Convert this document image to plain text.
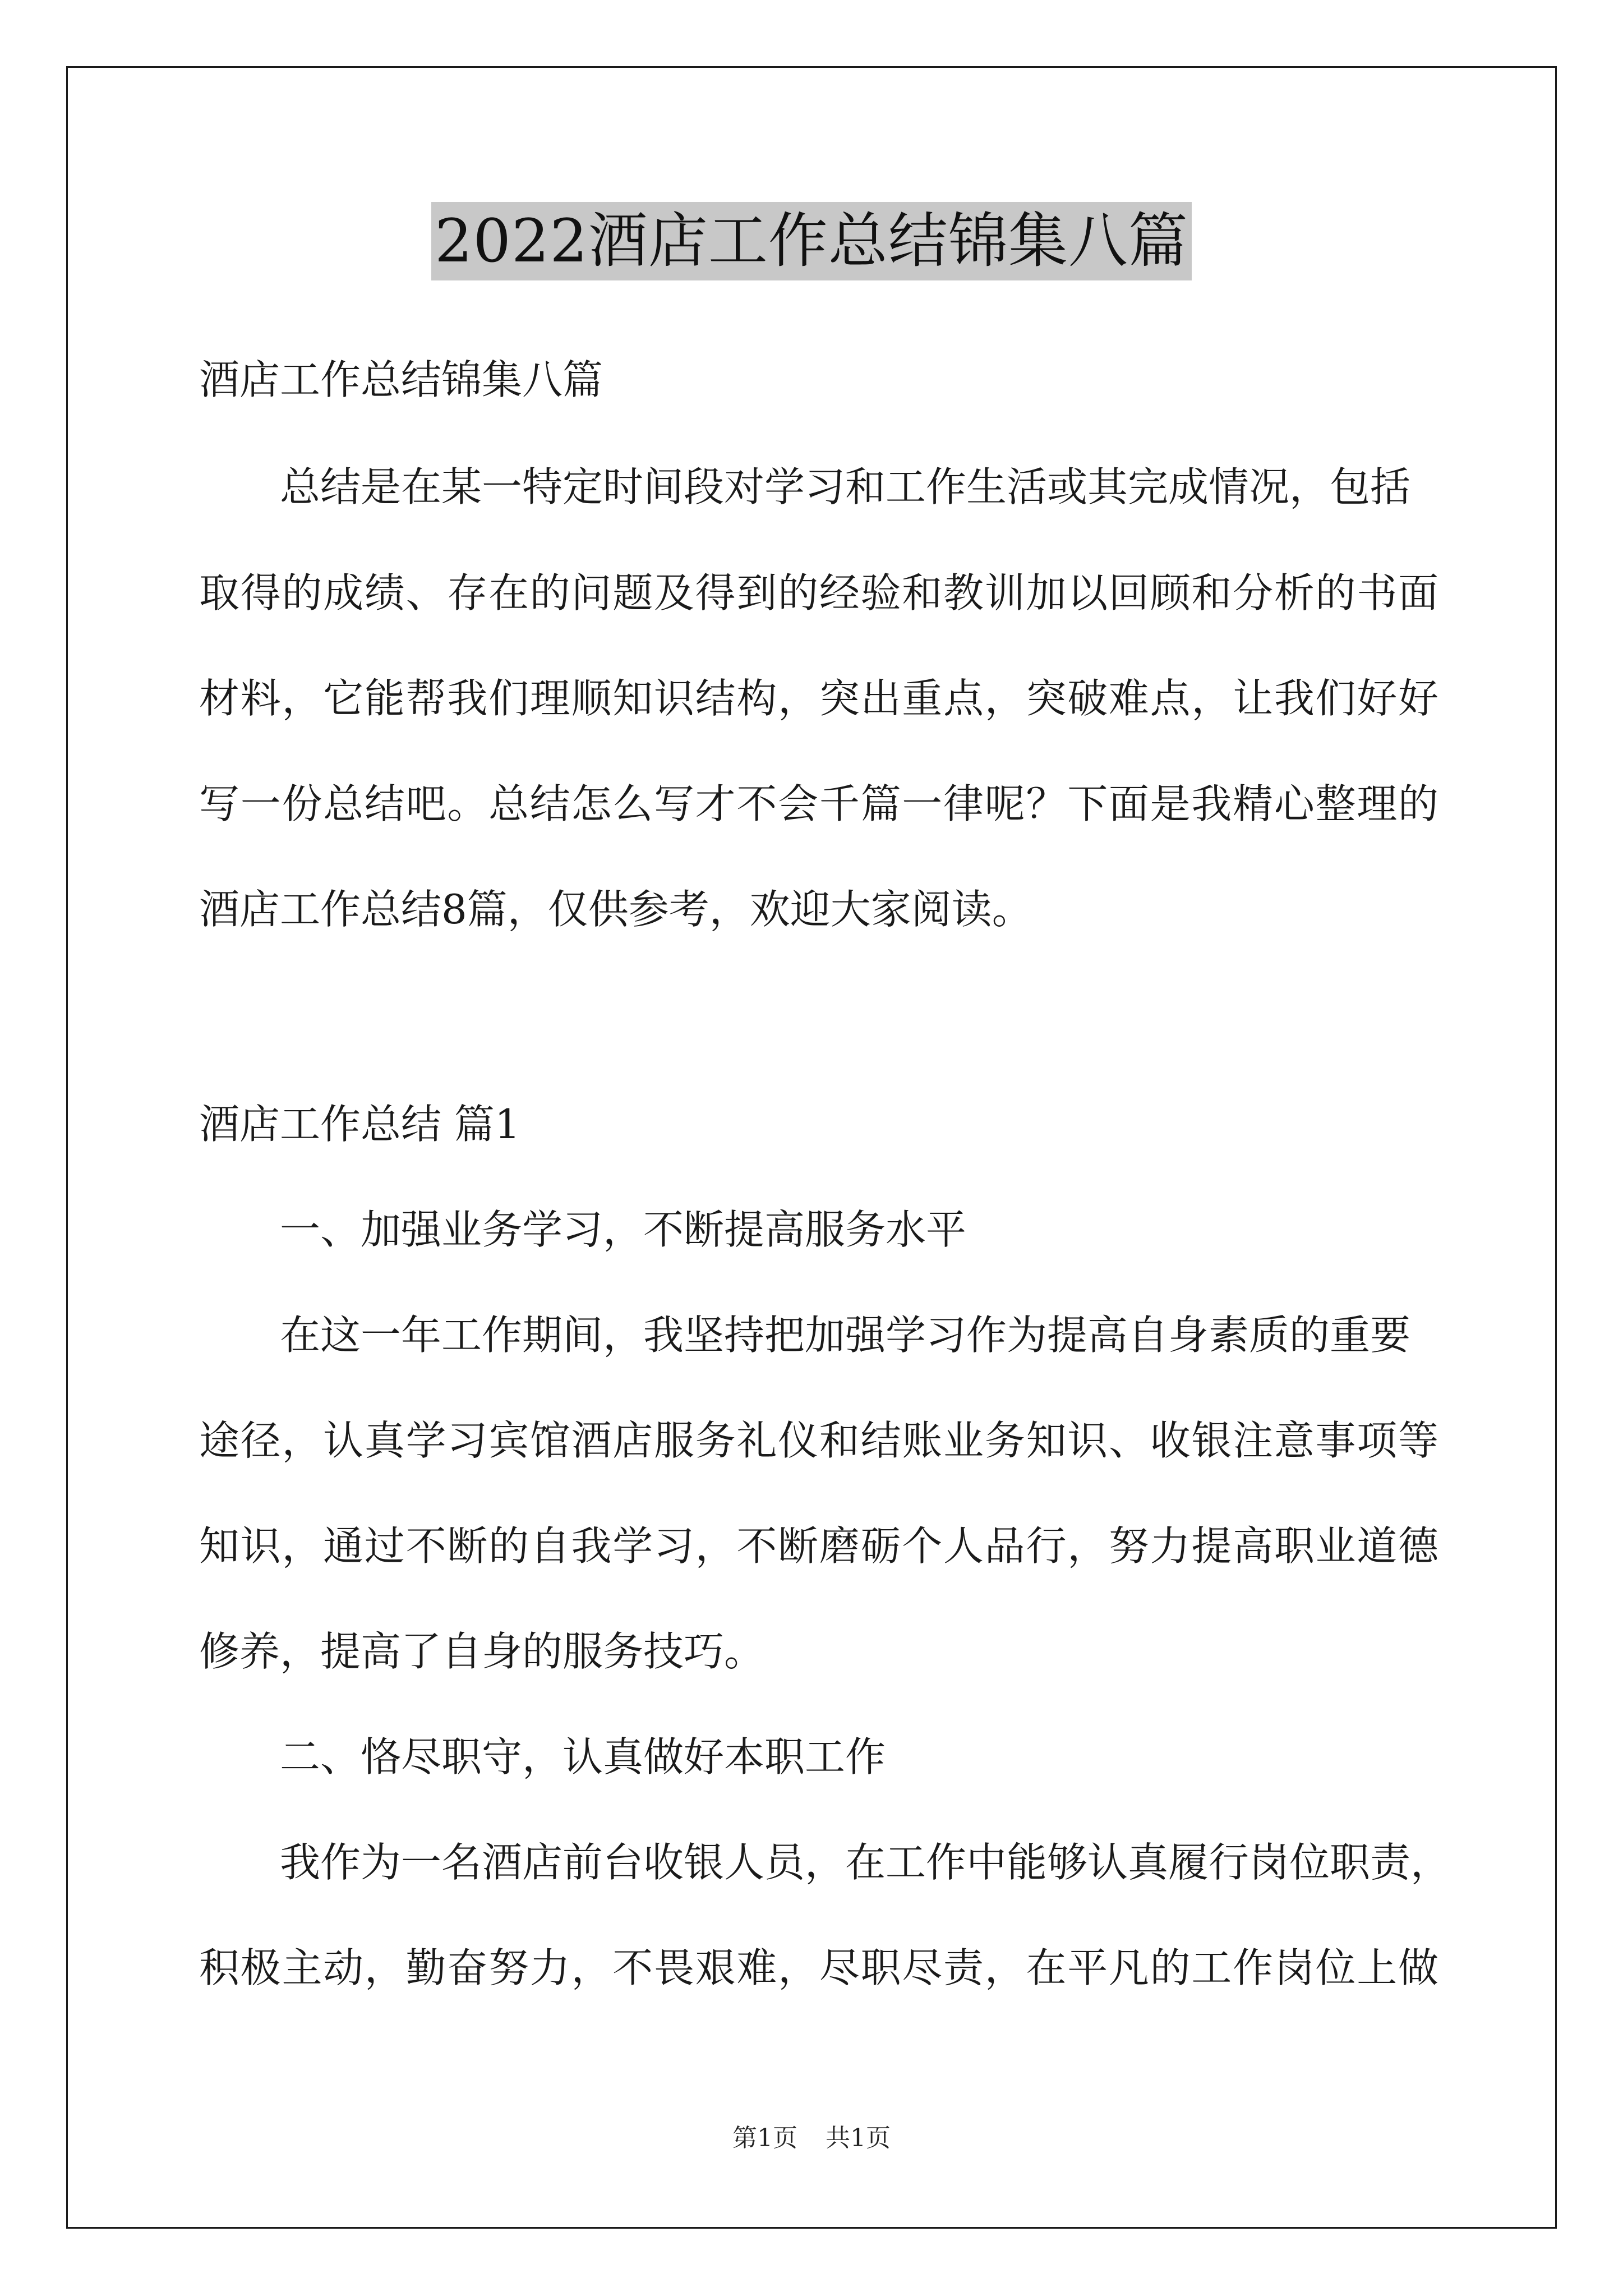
2022酒店工作总结锦集八篇
酒店工作总结锦集八篇
总结是在某一特定时间段对学习和工作生活或其完成情况，包括
取得的成绩、存在的问题及得到的经验和教训加以回顾和分析的书面
材料，它能帮我们理顺知识结构，突出重点，突破难点，让我们好好
写一份总结吧。总结怎么写才不会千篇一律呢？下面是我精心整理的
酒店工作总结8篇，仅供参考，欢迎大家阅读。
酒店工作总结 篇1
一、加强业务学习，不断提高服务水平
在这一年工作期间，我坚持把加强学习作为提高自身素质的重要
途径，认真学习宾馆酒店服务礼仪和结账业务知识、收银注意事项等
知识，通过不断的自我学习，不断磨砺个人品行，努力提高职业道德
修养，提高了自身的服务技巧。
二、恪尽职守，认真做好本职工作
我作为一名酒店前台收银人员，在工作中能够认真履行岗位职责，
积极主动，勤奋努力，不畏艰难，尽职尽责，在平凡的工作岗位上做
第1页 共1页
